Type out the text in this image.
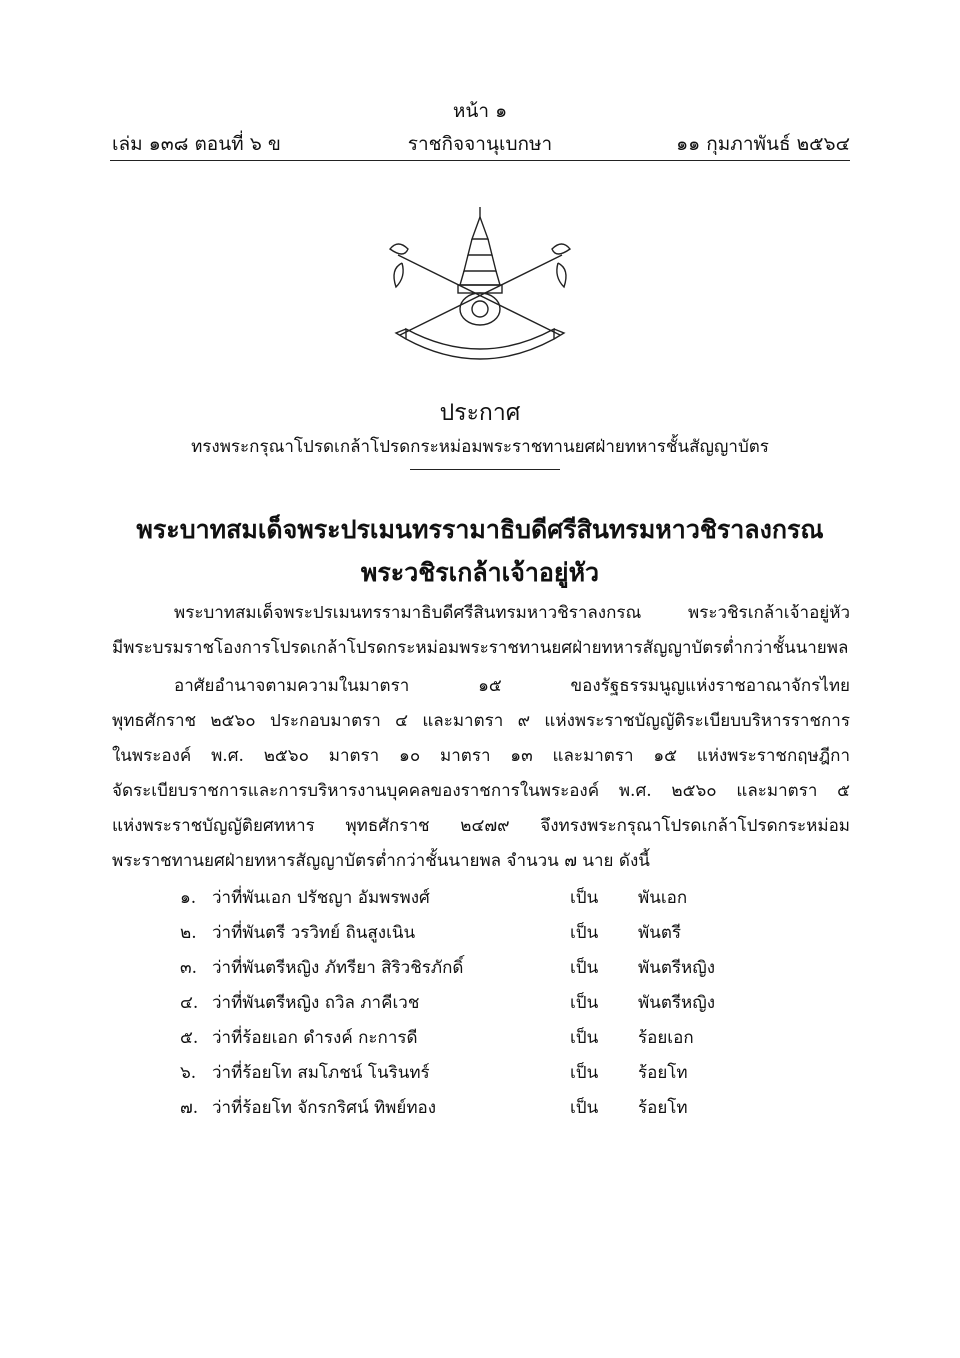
หน้า ๑
เล่ม ๑๓๘ ตอนที่ ๖ ข	ราชกิจจานุเบกษา	๑๑ กุมภาพันธ์ ๒๕๖๔
ประกาศ
ทรงพระกรุณาโปรดเกล้าโปรดกระหม่อมพระราชทานยศฝ่ายทหารชั้นสัญญาบัตร
พระบาทสมเด็จพระปรเมนทรรามาธิบดีศรีสินทรมหาวชิราลงกรณ
พระวชิรเกล้าเจ้าอยู่หัว
พระบาทสมเด็จพระปรเมนทรรามาธิบดีศรีสินทรมหาวชิราลงกรณ พระวชิรเกล้าเจ้าอยู่หัว
มีพระบรมราชโองการโปรดเกล้าโปรดกระหม่อมพระราชทานยศฝ่ายทหารสัญญาบัตรต่ำกว่าชั้นนายพล
อาศัยอำนาจตามความในมาตรา ๑๕ ของรัฐธรรมนูญแห่งราชอาณาจักรไทย
พุทธศักราช ๒๕๖๐ ประกอบมาตรา ๔ และมาตรา ๙ แห่งพระราชบัญญัติระเบียบบริหารราชการ
ในพระองค์ พ.ศ. ๒๕๖๐ มาตรา ๑๐ มาตรา ๑๓ และมาตรา ๑๕ แห่งพระราชกฤษฎีกา
จัดระเบียบราชการและการบริหารงานบุคคลของราชการในพระองค์ พ.ศ. ๒๕๖๐ และมาตรา ๕
แห่งพระราชบัญญัติยศทหาร พุทธศักราช ๒๔๗๙ จึงทรงพระกรุณาโปรดเกล้าโปรดกระหม่อม
พระราชทานยศฝ่ายทหารสัญญาบัตรต่ำกว่าชั้นนายพล จำนวน ๗ นาย ดังนี้
๑. ว่าที่พันเอก ปรัชญา อัมพรพงศ์	เป็น พันเอก
๒. ว่าที่พันตรี วรวิทย์ ถินสูงเนิน	เป็น พันตรี
๓. ว่าที่พันตรีหญิง ภัทรียา สิริวชิรภักดิ์	เป็น พันตรีหญิง
๔. ว่าที่พันตรีหญิง ถวิล ภาคีเวช	เป็น พันตรีหญิง
๕. ว่าที่ร้อยเอก ดำรงค์ กะการดี	เป็น ร้อยเอก
๖. ว่าที่ร้อยโท สมโภชน์ โนรินทร์	เป็น ร้อยโท
๗. ว่าที่ร้อยโท จักรกริศน์ ทิพย์ทอง	เป็น ร้อยโท
